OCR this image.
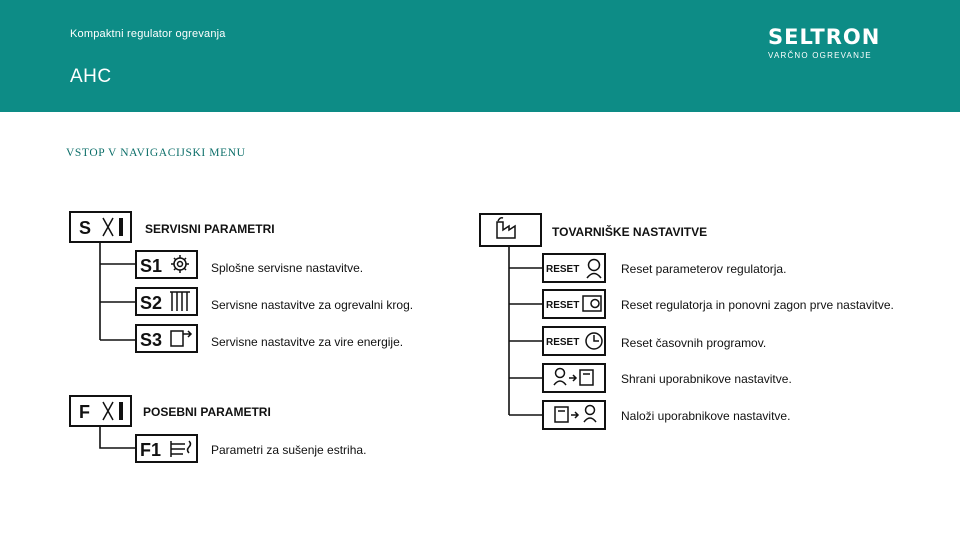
Kompaktni regulator ogrevanja
AHC
SELTRON
VARČNO OGREVANJE
VSTOP V NAVIGACIJSKI MENU
S	SERVISNI PARAMETRI
S1	Splošne servisne nastavitve.
S2	Servisne nastavitve za ogrevalni krog.
S3	Servisne nastavitve za vire energije.
F	POSEBNI PARAMETRI
F1	Parametri za sušenje estriha.
TOVARNIŠKE NASTAVITVE
RESET	Reset parameterov regulatorja.
RESET	Reset regulatorja in ponovni zagon prve nastavitve.
RESET	Reset časovnih programov.
Shrani uporabnikove nastavitve.
Naloži uporabnikove nastavitve.
